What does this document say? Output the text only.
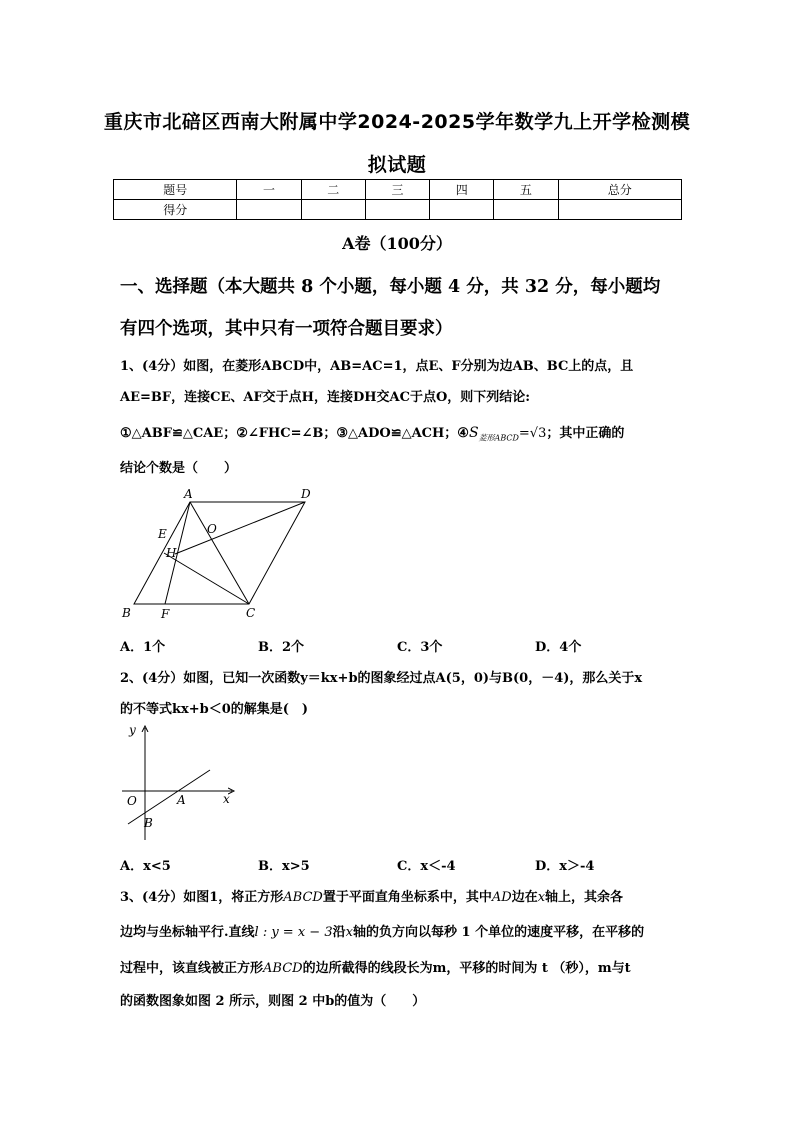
重庆市北碚区西南大附属中学2024-2025学年数学九上开学检测模
拟试题
题号	一	二	三	四	五	总分
得分						
A卷（100分）
一、选择题（本大题共 8 个小题，每小题 4 分，共 32 分，每小题均
有四个选项，其中只有一项符合题目要求）
1、(4分）如图，在菱形ABCD中，AB=AC=1，点E、F分别为边AB、BC上的点，且
AE=BF，连接CE、AF交于点H，连接DH交AC于点O，则下列结论:
①△ABF≌△CAE；②∠FHC=∠B；③△ADO≌△ACH；$④S_{菱形ABCD}=√3$；其中正确的
结论个数是（　　）
A	D
B	F	C
E
H
O
A．1个	B．2个	C．3个	D．4个
2、(4分）如图，已知一次函数y＝kx+b的图象经过点A(5，0)与B(0，－4)，那么关于x
的不等式kx+b＜0的解集是(　)
y
x
O	A
B
A．x<5	B．x>5	C．x＜-4	D．x＞-4
3、(4分）如图1，将正方形ABCD置于平面直角坐标系中，其中AD边在x轴上，其余各
边均与坐标轴平行.直线l : y = x − 3沿x轴的负方向以每秒 1 个单位的速度平移，在平移的
过程中，该直线被正方形ABCD的边所截得的线段长为m，平移的时间为 t （秒），m与t
的函数图象如图 2 所示，则图 2 中b的值为（　　）
